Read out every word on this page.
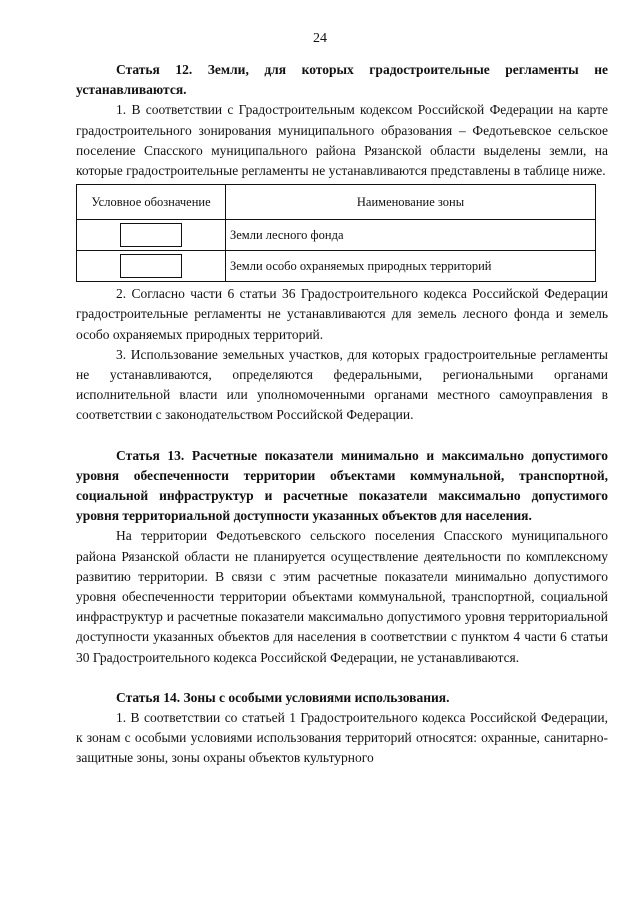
24

Статья 12. Земли, для которых градостроительные регламенты не устанавливаются.

1. В соответствии с Градостроительным кодексом Российской Федерации на карте градостроительного зонирования муниципального образования – Федотьевское сельское поселение Спасского муниципального района Рязанской области выделены земли, на которые градостроительные регламенты не устанавливаются представлены в таблице ниже.

Условное обозначение	Наименование зоны
	Земли лесного фонда
	Земли особо охраняемых природных территорий

2. Согласно части 6 статьи 36 Градостроительного кодекса Российской Федерации градостроительные регламенты не устанавливаются для земель лесного фонда и земель особо охраняемых природных территорий.

3. Использование земельных участков, для которых градостроительные регламенты не устанавливаются, определяются федеральными, региональными органами исполнительной власти или уполномоченными органами местного самоуправления в соответствии с законодательством Российской Федерации.

Статья 13. Расчетные показатели минимально и максимально допустимого уровня обеспеченности территории объектами коммунальной, транспортной, социальной инфраструктур и расчетные показатели максимально допустимого уровня территориальной доступности указанных объектов для населения.

На территории Федотьевского сельского поселения Спасского муниципального района Рязанской области не планируется осуществление деятельности по комплексному развитию территории. В связи с этим расчетные показатели минимально допустимого уровня обеспеченности территории объектами коммунальной, транспортной, социальной инфраструктур и расчетные показатели максимально допустимого уровня территориальной доступности указанных объектов для населения в соответствии с пунктом 4 части 6 статьи 30 Градостроительного кодекса Российской Федерации, не устанавливаются.

Статья 14. Зоны с особыми условиями использования.

1. В соответствии со статьей 1 Градостроительного кодекса Российской Федерации, к зонам с особыми условиями использования территорий относятся: охранные, санитарно-защитные зоны, зоны охраны объектов культурного
